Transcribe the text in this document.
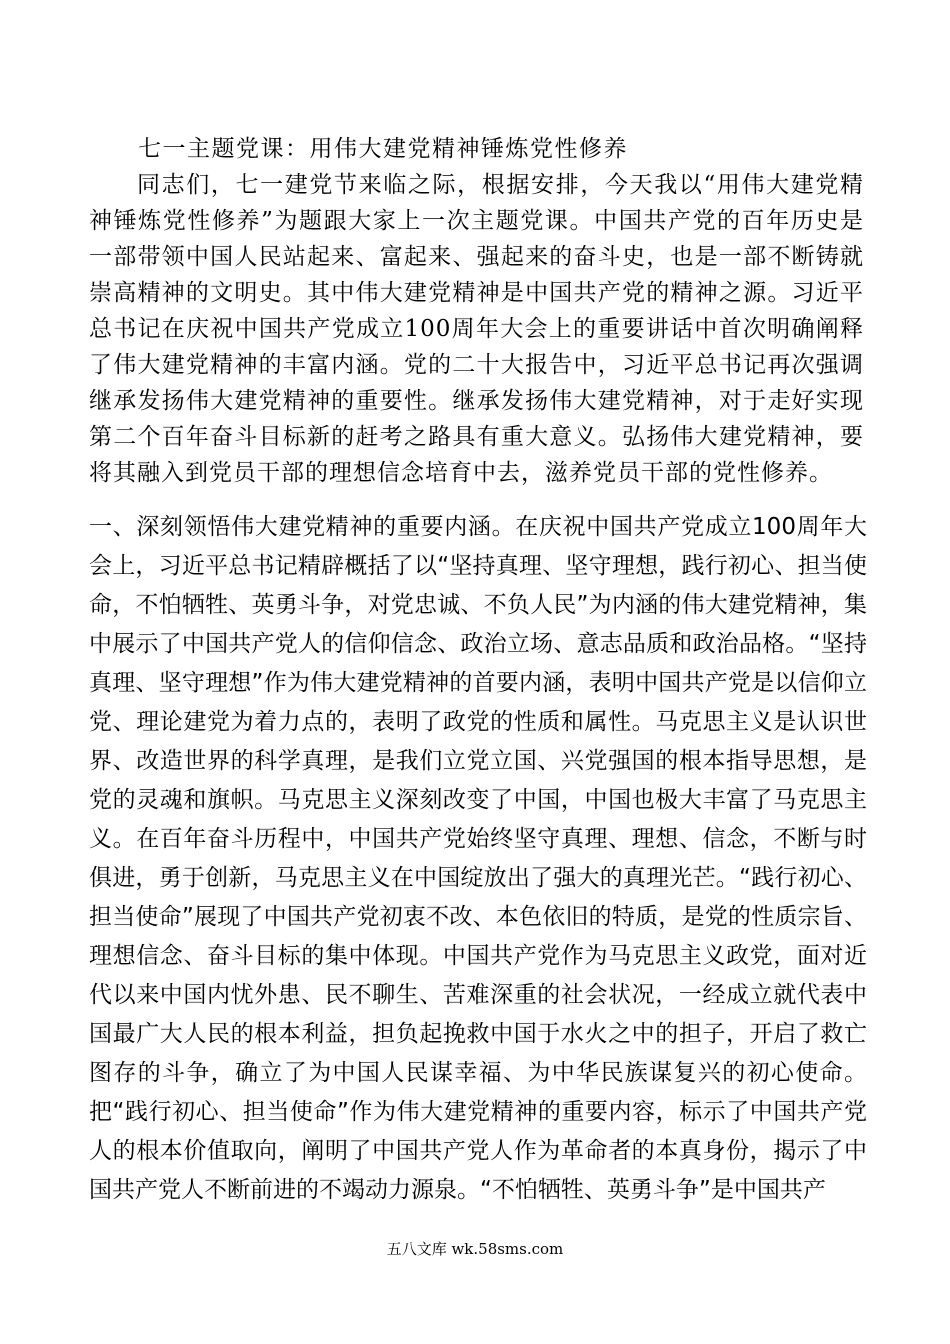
七一主题党课：用伟大建党精神锤炼党性修养

同志们，七一建党节来临之际，根据安排，今天我以“用伟大建党精神锤炼党性修养”为题跟大家上一次主题党课。中国共产党的百年历史是一部带领中国人民站起来、富起来、强起来的奋斗史，也是一部不断铸就崇高精神的文明史。其中伟大建党精神是中国共产党的精神之源。习近平总书记在庆祝中国共产党成立100周年大会上的重要讲话中首次明确阐释了伟大建党精神的丰富内涵。党的二十大报告中，习近平总书记再次强调继承发扬伟大建党精神的重要性。继承发扬伟大建党精神，对于走好实现第二个百年奋斗目标新的赶考之路具有重大意义。弘扬伟大建党精神，要将其融入到党员干部的理想信念培育中去，滋养党员干部的党性修养。

一、深刻领悟伟大建党精神的重要内涵。在庆祝中国共产党成立100周年大会上，习近平总书记精辟概括了以“坚持真理、坚守理想，践行初心、担当使命，不怕牺牲、英勇斗争，对党忠诚、不负人民”为内涵的伟大建党精神，集中展示了中国共产党人的信仰信念、政治立场、意志品质和政治品格。“坚持真理、坚守理想”作为伟大建党精神的首要内涵，表明中国共产党是以信仰立党、理论建党为着力点的，表明了政党的性质和属性。马克思主义是认识世界、改造世界的科学真理，是我们立党立国、兴党强国的根本指导思想，是党的灵魂和旗帜。马克思主义深刻改变了中国，中国也极大丰富了马克思主义。在百年奋斗历程中，中国共产党始终坚守真理、理想、信念，不断与时俱进，勇于创新，马克思主义在中国绽放出了强大的真理光芒。“践行初心、担当使命”展现了中国共产党初衷不改、本色依旧的特质，是党的性质宗旨、理想信念、奋斗目标的集中体现。中国共产党作为马克思主义政党，面对近代以来中国内忧外患、民不聊生、苦难深重的社会状况，一经成立就代表中国最广大人民的根本利益，担负起挽救中国于水火之中的担子，开启了救亡图存的斗争，确立了为中国人民谋幸福、为中华民族谋复兴的初心使命。把“践行初心、担当使命”作为伟大建党精神的重要内容，标示了中国共产党人的根本价值取向，阐明了中国共产党人作为革命者的本真身份，揭示了中国共产党人不断前进的不竭动力源泉。“不怕牺牲、英勇斗争”是中国共产

五八文库 wk.58sms.com
